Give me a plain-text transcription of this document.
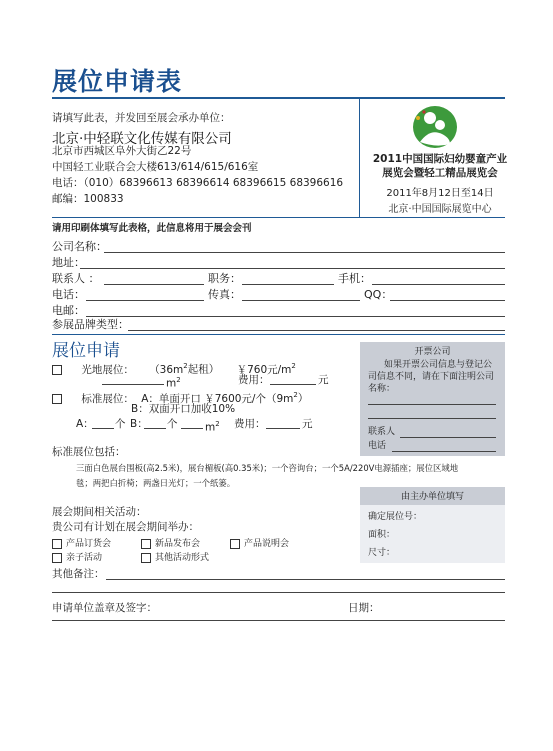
展位申请表
请填写此表，并发回至展会承办单位：
北京·中轻联文化传媒有限公司
北京市西城区阜外大街乙22号
中国轻工业联合会大楼613/614/615/616室
电话：（010）68396613 68396614 68396615 68396616
邮编：100833
2011中国国际妇幼婴童产业
展览会暨轻工精品展览会
2011年8月12日至14日
北京·中国国际展览中心
请用印刷体填写此表格，此信息将用于展会会刊
公司名称：
地址：
联系人 ：	职务：	手机：
电话：	传真：	QQ：
电邮：
参展品牌类型：
展位申请
光地展位： （$36m^2$起租） ￥760元$/m^2$
$m^2$	费用：	元
标准展位： A：单面开口 ￥7600元/个$(9m^2)$
B：双面开口加收10%
A： 个 B： 个	$m^2$ 费用：	元
开票公司
如果开票公司信息与登记公
司信息不同，请在下面注明公司
名称：
联系人
电话
标准展位包括：
三面白色展台围板(高2.5米)，展台楣板(高0.35米)；一个咨询台；一个5A/220V电源插座；展位区域地
毯；两把白折椅；两盏日光灯；一个纸篓。
由主办单位填写
确定展位号：
面积：
尺寸：
展会期间相关活动：
贵公司有计划在展会期间举办：
产品订货会	新品发布会	产品说明会
亲子活动	其他活动形式
其他备注：
申请单位盖章及签字：	日期：
